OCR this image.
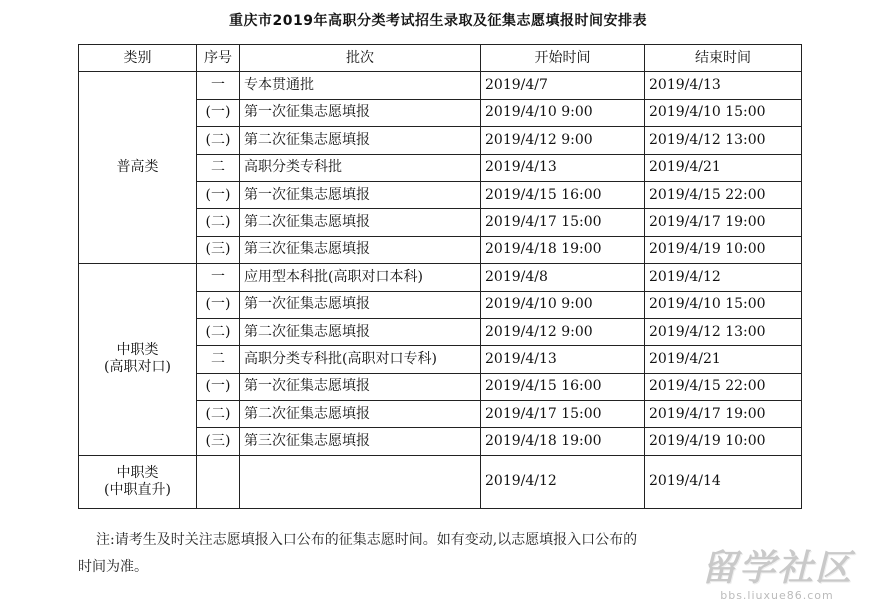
重庆市2019年高职分类考试招生录取及征集志愿填报时间安排表
类别	序号	批次	开始时间	结束时间

普高类	一	专本贯通批	2019/4/7	2019/4/13
	(一)	第一次征集志愿填报	2019/4/10 9:00	2019/4/10 15:00
	(二)	第二次征集志愿填报	2019/4/12 9:00	2019/4/12 13:00
	二	高职分类专科批	2019/4/13	2019/4/21
	(一)	第一次征集志愿填报	2019/4/15 16:00	2019/4/15 22:00
	(二)	第二次征集志愿填报	2019/4/17 15:00	2019/4/17 19:00
	(三)	第三次征集志愿填报	2019/4/18 19:00	2019/4/19 10:00

中职类
(高职对口)	一	应用型本科批(高职对口本科)	2019/4/8	2019/4/12
	(一)	第一次征集志愿填报	2019/4/10 9:00	2019/4/10 15:00
	(二)	第二次征集志愿填报	2019/4/12 9:00	2019/4/12 13:00
	二	高职分类专科批(高职对口专科)	2019/4/13	2019/4/21
	(一)	第一次征集志愿填报	2019/4/15 16:00	2019/4/15 22:00
	(二)	第二次征集志愿填报	2019/4/17 15:00	2019/4/17 19:00
	(三)	第三次征集志愿填报	2019/4/18 19:00	2019/4/19 10:00

中职类
(中职直升)			2019/4/12	2019/4/14
注:请考生及时关注志愿填报入口公布的征集志愿时间。如有变动,以志愿填报入口公布的
时间为准。	留学社区
bbs.liuxue86.com
